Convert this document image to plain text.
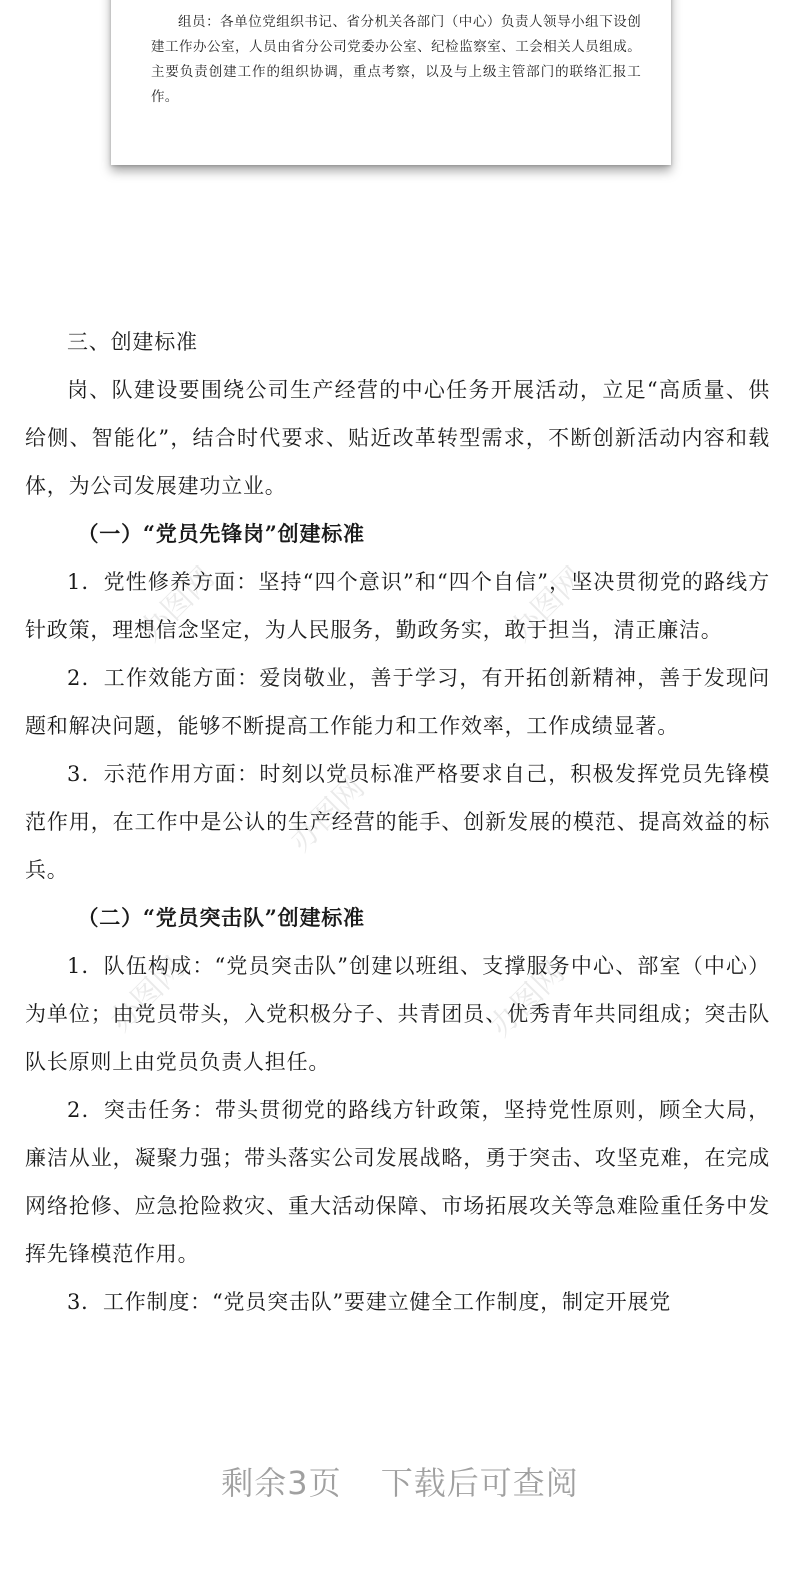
组员：各单位党组织书记、省分机关各部门（中心）负责人领导小组下设创建工作办公室，人员由省分公司党委办公室、纪检监察室、工会相关人员组成。主要负责创建工作的组织协调，重点考察，以及与上级主管部门的联络汇报工作。
办图网	办图网
办图网
办图网	办图网

三、创建标准

岗、队建设要围绕公司生产经营的中心任务开展活动，立足“高质量、供给侧、智能化”，结合时代要求、贴近改革转型需求，不断创新活动内容和载体，为公司发展建功立业。

（一）“党员先锋岗”创建标准

1．党性修养方面：坚持“四个意识”和“四个自信”，坚决贯彻党的路线方针政策，理想信念坚定，为人民服务，勤政务实，敢于担当，清正廉洁。

2．工作效能方面：爱岗敬业，善于学习，有开拓创新精神，善于发现问题和解决问题，能够不断提高工作能力和工作效率，工作成绩显著。

3．示范作用方面：时刻以党员标准严格要求自己，积极发挥党员先锋模范作用，在工作中是公认的生产经营的能手、创新发展的模范、提高效益的标兵。

（二）“党员突击队”创建标准

1．队伍构成：“党员突击队”创建以班组、支撑服务中心、部室（中心）为单位；由党员带头，入党积极分子、共青团员、优秀青年共同组成；突击队队长原则上由党员负责人担任。

2．突击任务：带头贯彻党的路线方针政策，坚持党性原则，顾全大局，廉洁从业，凝聚力强；带头落实公司发展战略，勇于突击、攻坚克难，在完成网络抢修、应急抢险救灾、重大活动保障、市场拓展攻关等急难险重任务中发挥先锋模范作用。

3．工作制度：“党员突击队”要建立健全工作制度，制定开展党

剩余3页 下载后可查阅
